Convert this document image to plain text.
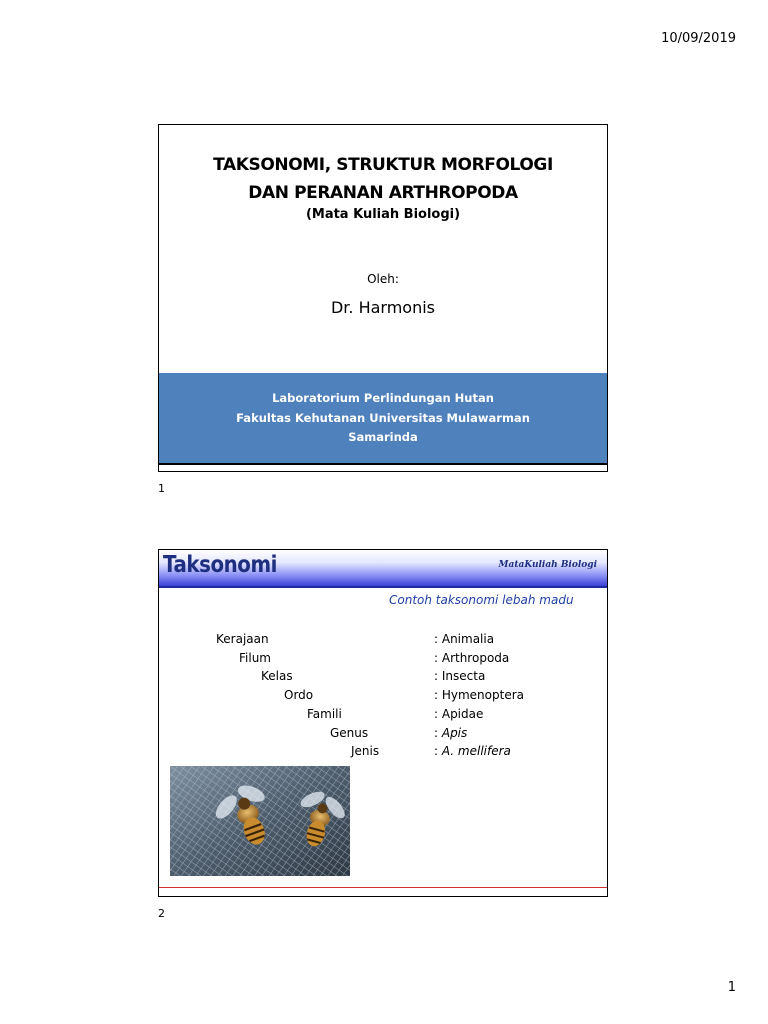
10/09/2019
TAKSONOMI, STRUKTUR MORFOLOGI
DAN PERANAN ARTHROPODA
(Mata Kuliah Biologi)
Oleh:
Dr. Harmonis
Laboratorium Perlindungan Hutan
Fakultas Kehutanan Universitas Mulawarman
Samarinda
1
Taksonomi	MataKuliah Biologi
Contoh taksonomi lebah madu
Kerajaan	: Animalia
Filum	: Arthropoda
Kelas	: Insecta
Ordo	: Hymenoptera
Famili	: Apidae
Genus	: Apis
Jenis	: A. mellifera
2
1
